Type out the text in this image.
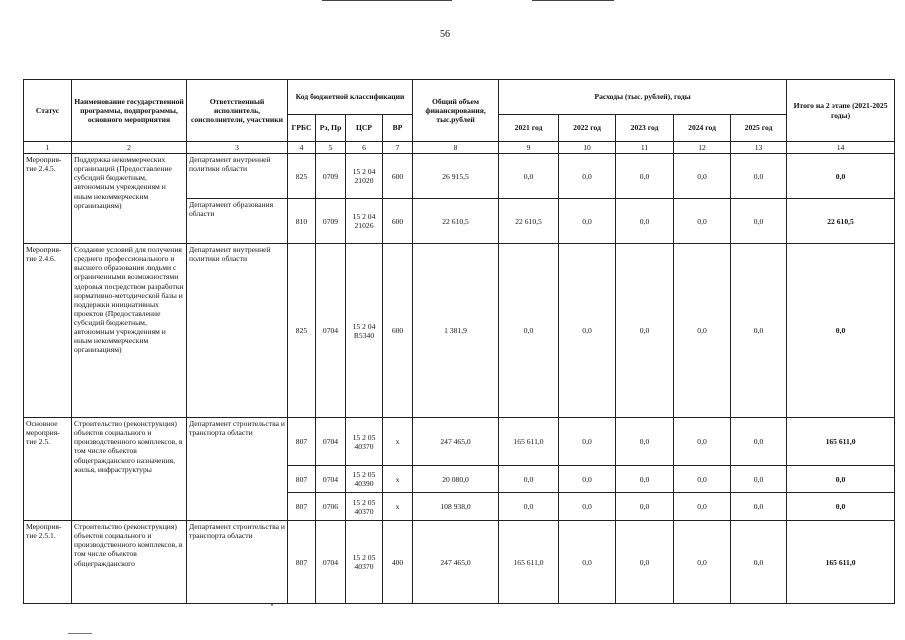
56
Статус	Наименование государственной программы, подпрограммы, основного мероприятия	Ответственный исполнитель, соисполнители, участники	Код бюджетной классификации				Общий объем финансирования, тыс.рублей	Расходы (тыс. рублей), годы					Итого на 2 этапе (2021-2025 годы)
			ГРБС	Рз, Пр	ЦСР	ВР		2021 год	2022 год	2023 год	2024 год	2025 год	
1	2	3	4	5	6	7	8	9	10	11	12	13	14
Мероприя-тие 2.4.5.	Поддержка некоммерческих организаций (Предоставление субсидий бюджетным, автономным учреждениям и иным некоммерческим организациям)	Департамент внутренней политики области	825	0709	15 2 04 21020	600	26 915,5	0,0	0,0	0,0	0,0	0,0	0,0
		Департамент образования области	810	0709	15 2 04 21026	600	22 610,5	22 610,5	0,0	0,0	0,0	0,0	22 610,5
Мероприя-тие 2.4.6.	Создание условий для получения среднего профессионального и высшего образования людьми с ограниченными возможностями здоровья посредством разработки нормативно-методической базы и поддержки инициативных проектов (Предоставление субсидий бюджетным, автономным учреждениям и иным некоммерческим организациям)	Департамент внутренней политики области	825	0704	15 2 04 R5340	600	1 381,9	0,0	0,0	0,0	0,0	0,0	0,0
Основное мероприя-тие 2.5.	Строительство (реконструкция) объектов социального и производственного комплексов, в том числе объектов общегражданского назначения, жилья, инфраструктуры	Департамент строительства и транспорта области	807	0704	15 2 05 40370	x	247 465,0	165 611,0	0,0	0,0	0,0	0,0	165 611,0
			807	0704	15 2 05 40390	x	20 080,0	0,0	0,0	0,0	0,0	0,0	0,0
			807	0706	15 2 05 40370	x	108 938,0	0,0	0,0	0,0	0,0	0,0	0,0
Мероприя-тие 2.5.1.	Строительство (реконструкция) объектов социального и производственного комплексов, в том числе объектов общегражданского	Департамент строительства и транспорта области	807	0704	15 2 05 40370	400	247 465,0	165 611,0	0,0	0,0	0,0	0,0	165 611,0
